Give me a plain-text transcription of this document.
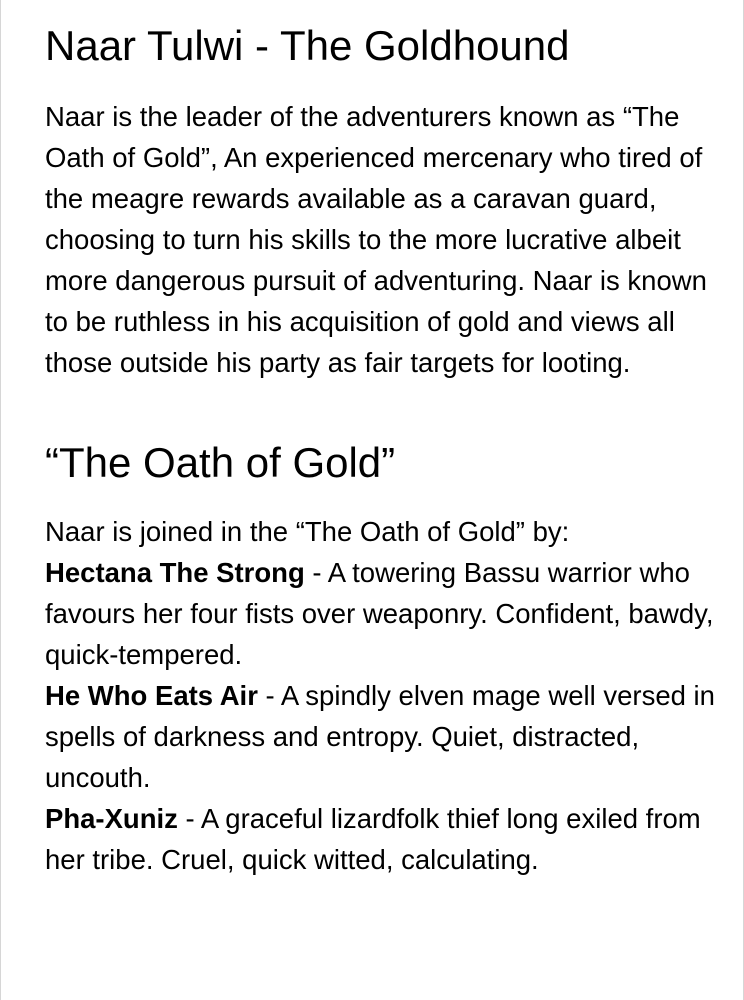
Naar Tulwi - The Goldhound

Naar is the leader of the adventurers known as “The Oath of Gold”, An experienced mercenary who tired of the meagre rewards available as a caravan guard, choosing to turn his skills to the more lucrative albeit more dangerous pursuit of adventuring. Naar is known to be ruthless in his acquisition of gold and views all those outside his party as fair targets for looting.

“The Oath of Gold”
Naar is joined in the “The Oath of Gold” by:
Hectana The Strong - A towering Bassu warrior who favours her four fists over weaponry. Confident, bawdy, quick-tempered.
He Who Eats Air - A spindly elven mage well versed in spells of darkness and entropy. Quiet, distracted, uncouth.
Pha-Xuniz - A graceful lizardfolk thief long exiled from her tribe. Cruel, quick witted, calculating.
